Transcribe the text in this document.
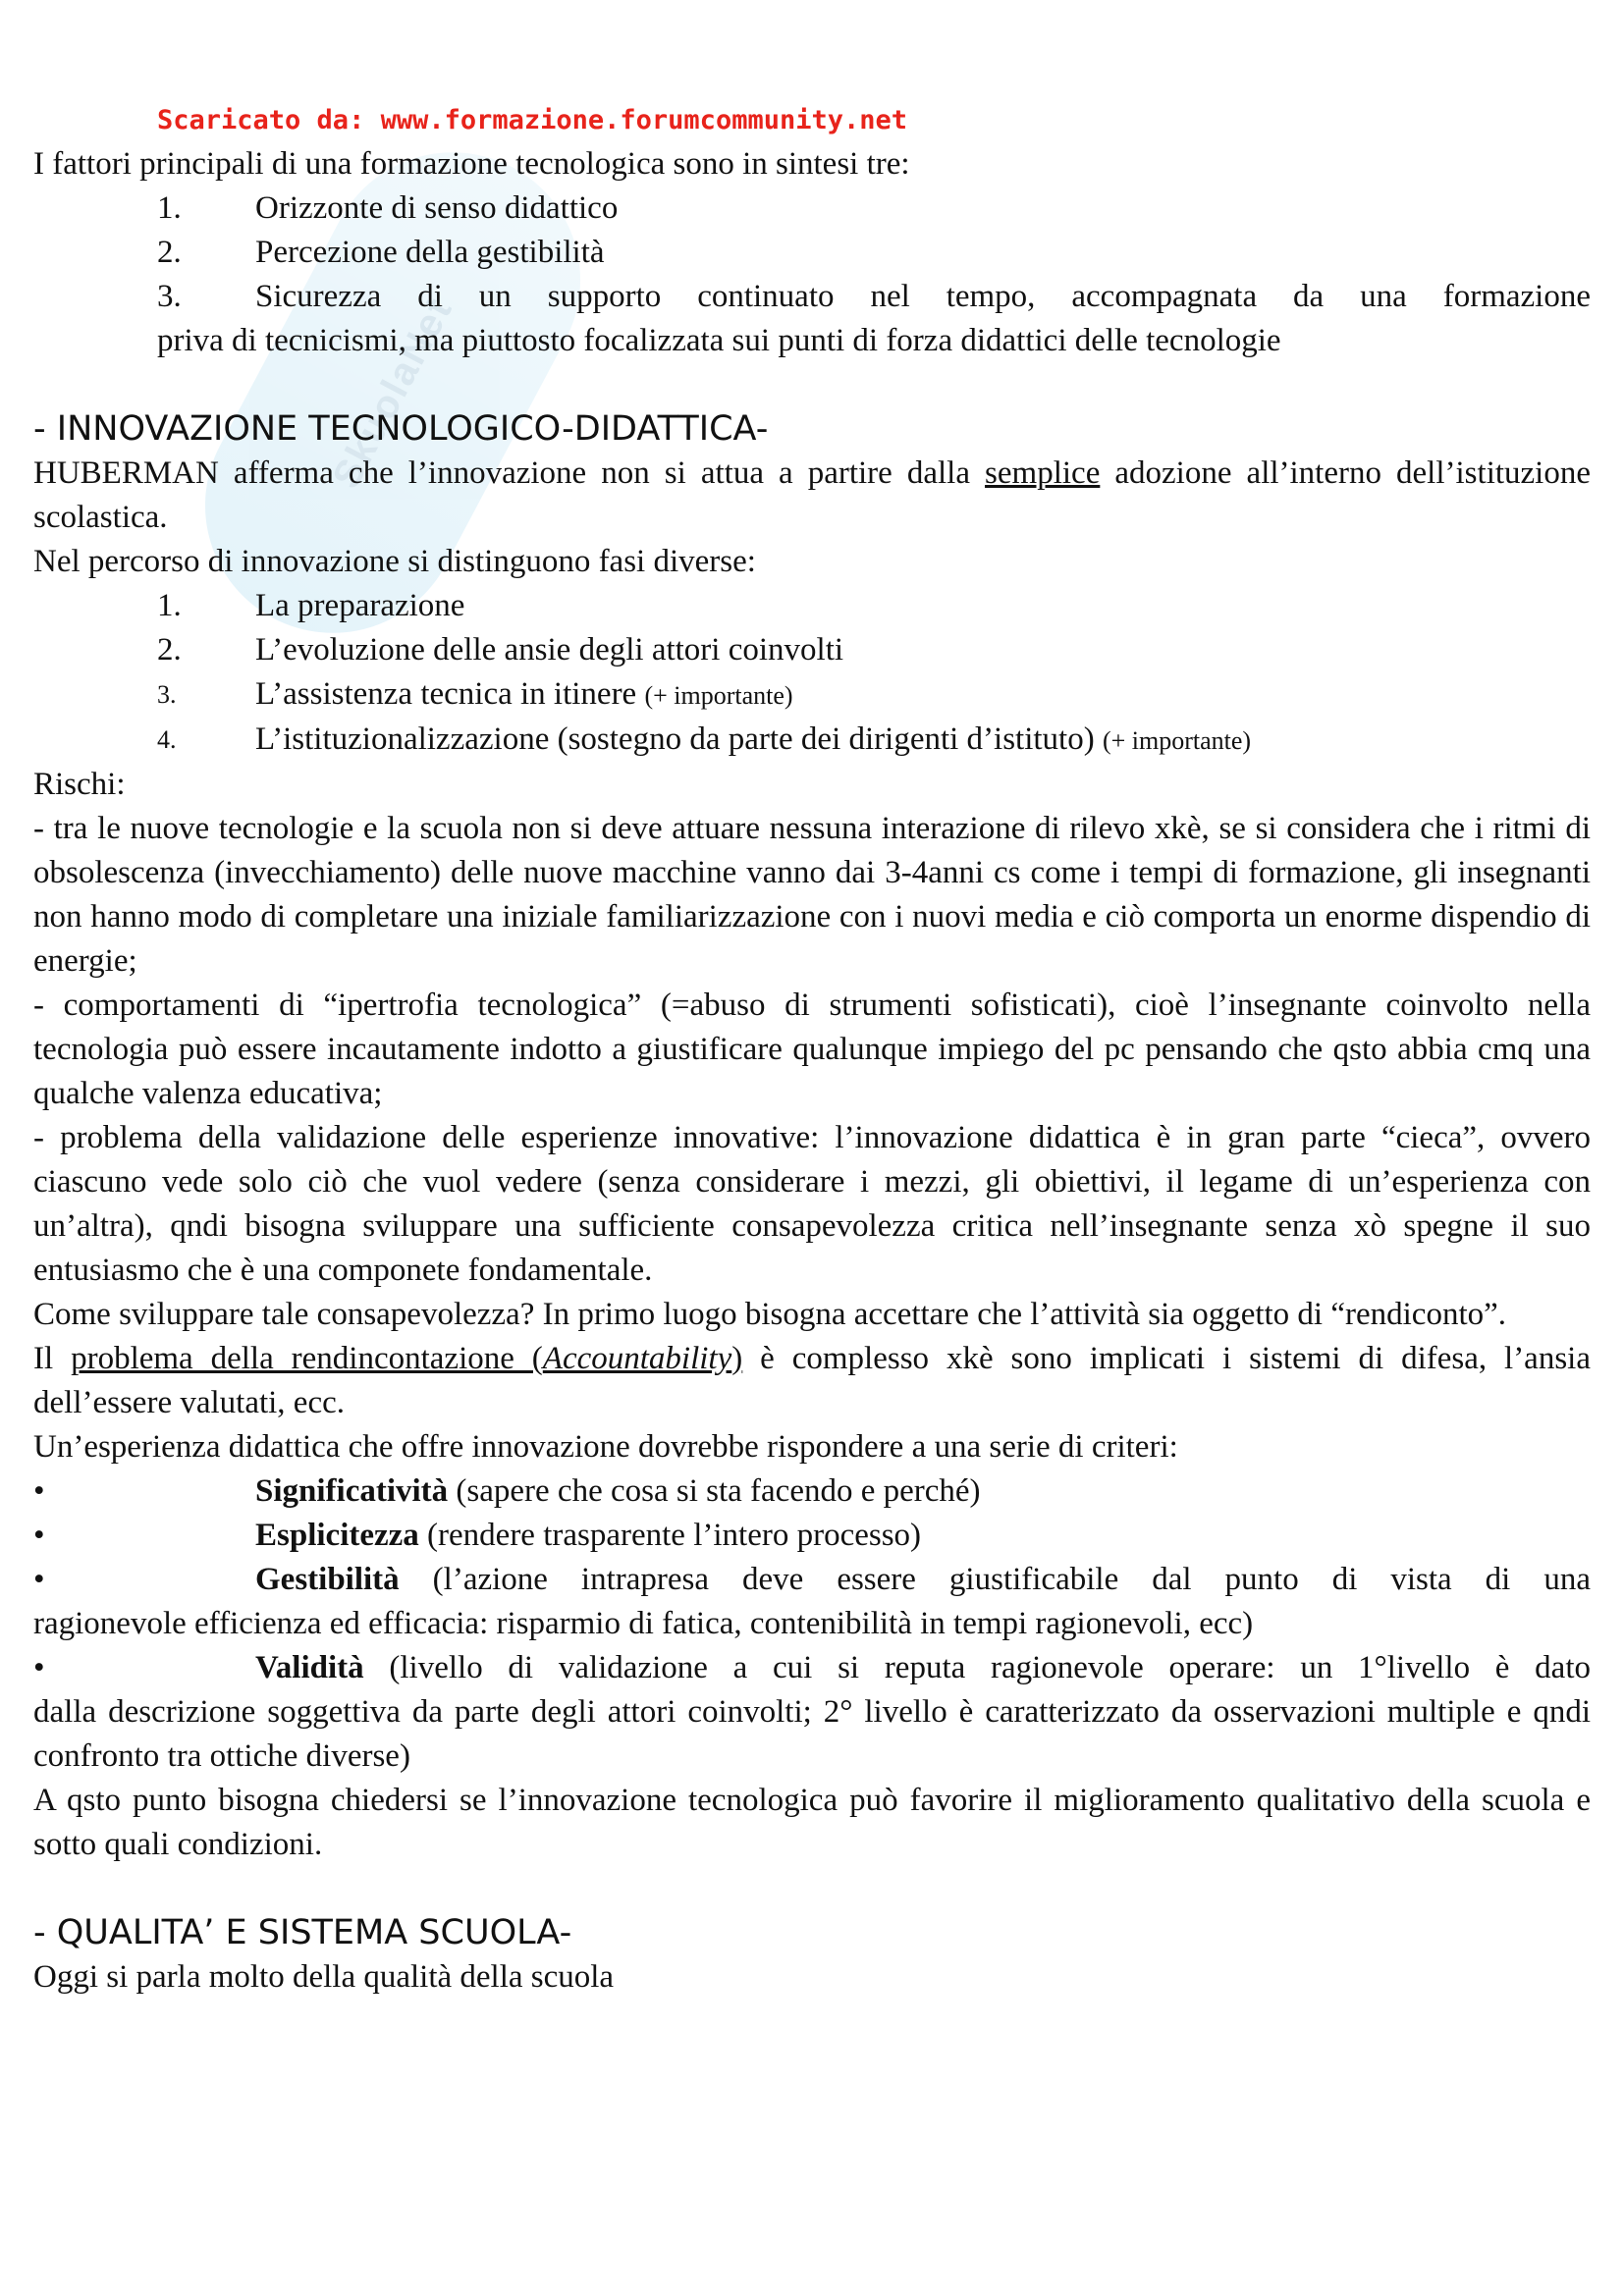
SkuolaNet
Scaricato da: www.formazione.forumcommunity.net
I fattori principali di una formazione tecnologica sono in sintesi tre:
1.	Orizzonte di senso didattico
2.	Percezione della gestibilità
3.	Sicurezza di un supporto continuato nel tempo, accompagnata da una formazione
priva di tecnicismi, ma piuttosto focalizzata sui punti di forza didattici delle tecnologie
- INNOVAZIONE TECNOLOGICO-DIDATTICA-
HUBERMAN afferma che l’innovazione non si attua a partire dalla semplice adozione all’interno dell’istituzione scolastica.
Nel percorso di innovazione si distinguono fasi diverse:
1.	La preparazione
2.	L’evoluzione delle ansie degli attori coinvolti
3.	L’assistenza tecnica in itinere (+ importante)
4.	L’istituzionalizzazione (sostegno da parte dei dirigenti d’istituto) (+ importante)
Rischi:
- tra le nuove tecnologie e la scuola non si deve attuare nessuna interazione di rilevo xkè, se si considera che i ritmi di obsolescenza (invecchiamento) delle nuove macchine vanno dai 3-4anni cs come i tempi di formazione, gli insegnanti non hanno modo di completare una iniziale familiarizzazione con i nuovi media e ciò comporta un enorme dispendio di energie;
- comportamenti di “ipertrofia tecnologica” (=abuso di strumenti sofisticati), cioè l’insegnante coinvolto nella tecnologia può essere incautamente indotto a giustificare qualunque impiego del pc pensando che qsto abbia cmq una qualche valenza educativa;
- problema della validazione delle esperienze innovative: l’innovazione didattica è in gran parte “cieca”, ovvero ciascuno vede solo ciò che vuol vedere (senza considerare i mezzi, gli obiettivi, il legame di un’esperienza con un’altra), qndi bisogna sviluppare una sufficiente consapevolezza critica nell’insegnante senza xò spegne il suo entusiasmo che è una componete fondamentale.
Come sviluppare tale consapevolezza? In primo luogo bisogna accettare che l’attività sia oggetto di “rendiconto”.
Il problema della rendincontazione (Accountability) è complesso xkè sono implicati i sistemi di difesa, l’ansia dell’essere valutati, ecc.
Un’esperienza didattica che offre innovazione dovrebbe rispondere a una serie di criteri:
•	Significatività (sapere che cosa si sta facendo e perché)
•	Esplicitezza (rendere trasparente l’intero processo)
•	Gestibilità (l’azione intrapresa deve essere giustificabile dal punto di vista di una
ragionevole efficienza ed efficacia: risparmio di fatica, contenibilità in tempi ragionevoli, ecc)
•	Validità (livello di validazione a cui si reputa ragionevole operare: un 1°livello è dato
dalla descrizione soggettiva da parte degli attori coinvolti; 2° livello è caratterizzato da osservazioni multiple e qndi confronto tra ottiche diverse)
A qsto punto bisogna chiedersi se l’innovazione tecnologica può favorire il miglioramento qualitativo della scuola e sotto quali condizioni.
- QUALITA’ E SISTEMA SCUOLA-
Oggi si parla molto della qualità della scuola
